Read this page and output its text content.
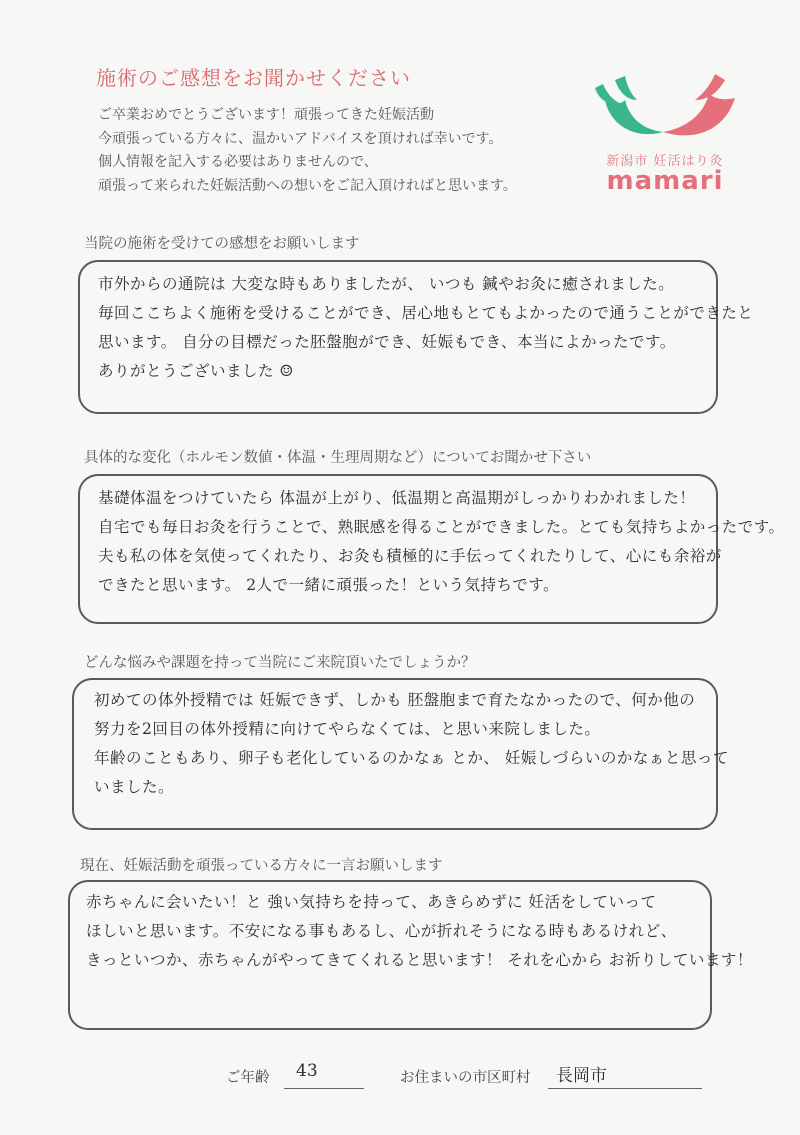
施術のご感想をお聞かせください
ご卒業おめでとうございます！頑張ってきた妊娠活動
今頑張っている方々に、温かいアドバイスを頂ければ幸いです。
個人情報を記入する必要はありませんので、
頑張って来られた妊娠活動への想いをご記入頂ければと思います。
新潟市 妊活はり灸
mamari
当院の施術を受けての感想をお願いします
市外からの通院は 大変な時もありましたが、 いつも 鍼やお灸に癒されました。
毎回ここちよく施術を受けることができ、居心地もとてもよかったので通うことができたと
思います。 自分の目標だった胚盤胞ができ、妊娠もでき、本当によかったです。
ありがとうございました ☺
具体的な変化（ホルモン数値・体温・生理周期など）についてお聞かせ下さい
基礎体温をつけていたら 体温が上がり、低温期と高温期がしっかりわかれました！
自宅でも毎日お灸を行うことで、熟眠感を得ることができました。とても気持ちよかったです。
夫も私の体を気使ってくれたり、お灸も積極的に手伝ってくれたりして、心にも余裕が
できたと思います。 2人で一緒に頑張った！という気持ちです。
どんな悩みや課題を持って当院にご来院頂いたでしょうか？
初めての体外授精では 妊娠できず、しかも 胚盤胞まで育たなかったので、何か他の
努力を2回目の体外授精に向けてやらなくては、と思い来院しました。
年齢のこともあり、卵子も老化しているのかなぁ とか、 妊娠しづらいのかなぁと思って
いました。
現在、妊娠活動を頑張っている方々に一言お願いします
赤ちゃんに会いたい！と 強い気持ちを持って、あきらめずに 妊活をしていって
ほしいと思います。不安になる事もあるし、心が折れそうになる時もあるけれど、
きっといつか、赤ちゃんがやってきてくれると思います！ それを心から お祈りしています！
ご年齢 43	お住まいの市区町村 長岡市
